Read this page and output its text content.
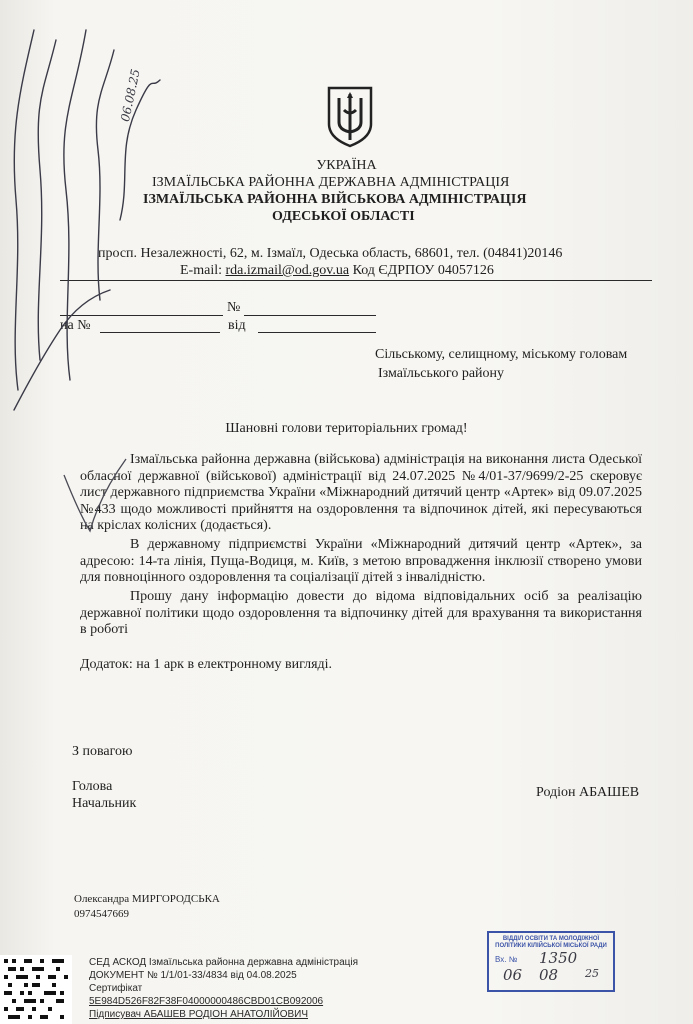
УКРАЇНА
ІЗМАЇЛЬСЬКА РАЙОННА ДЕРЖАВНА АДМІНІСТРАЦІЯ
ІЗМАЇЛЬСЬКА РАЙОННА ВІЙСЬКОВА АДМІНІСТРАЦІЯ
ОДЕСЬКОЇ ОБЛАСТІ
просп. Незалежності, 62, м. Ізмаїл, Одеська область, 68601, тел. (04841)20146
E-mail: rda.izmail@od.gov.ua Код ЄДРПОУ 04057126
№
на №	від
Сільському, селищному, міському головам
Ізмаїльського району
Шановні голови територіальних громад!
Ізмаїльська районна державна (військова) адміністрація на виконання листа Одеської обласної державної (військової) адміністрації від 24.07.2025 №4/01-37/9699/2-25 скеровує лист державного підприємства України «Міжнародний дитячий центр «Артек» від 09.07.2025 №433 щодо можливості прийняття на оздоровлення та відпочинок дітей, які пересуваються на кріслах колісних (додається).
В державному підприємстві України «Міжнародний дитячий центр «Артек», за адресою: 14-та лінія, Пуща-Водиця, м. Київ, з метою впровадження інклюзії створено умови для повноцінного оздоровлення та соціалізації дітей з інвалідністю.
Прошу дану інформацію довести до відома відповідальних осіб за реалізацію державної політики щодо оздоровлення та відпочинку дітей для врахування та використання в роботі
Додаток: на 1 арк в електронному вигляді.
З повагою
Голова
Начальник
Родіон АБАШЕВ
Олександра МИРГОРОДСЬКА
0974547669
СЕД АСКОД Ізмаїльська районна державна адміністрація
ДОКУМЕНТ № 1/1/01-33/4834 від 04.08.2025
Сертифікат
5E984D526F82F38F04000000486CBD01CB092006
Підписувач АБАШЕВ РОДІОН АНАТОЛІЙОВИЧ
ВІДДІЛ ОСВІТИ ТА МОЛОДІЖНОЇ
ПОЛІТИКИ КІЛІЙСЬКОЇ МІСЬКОЇ РАДИ
Вх. № 1350
06 08 25
06.08.25
